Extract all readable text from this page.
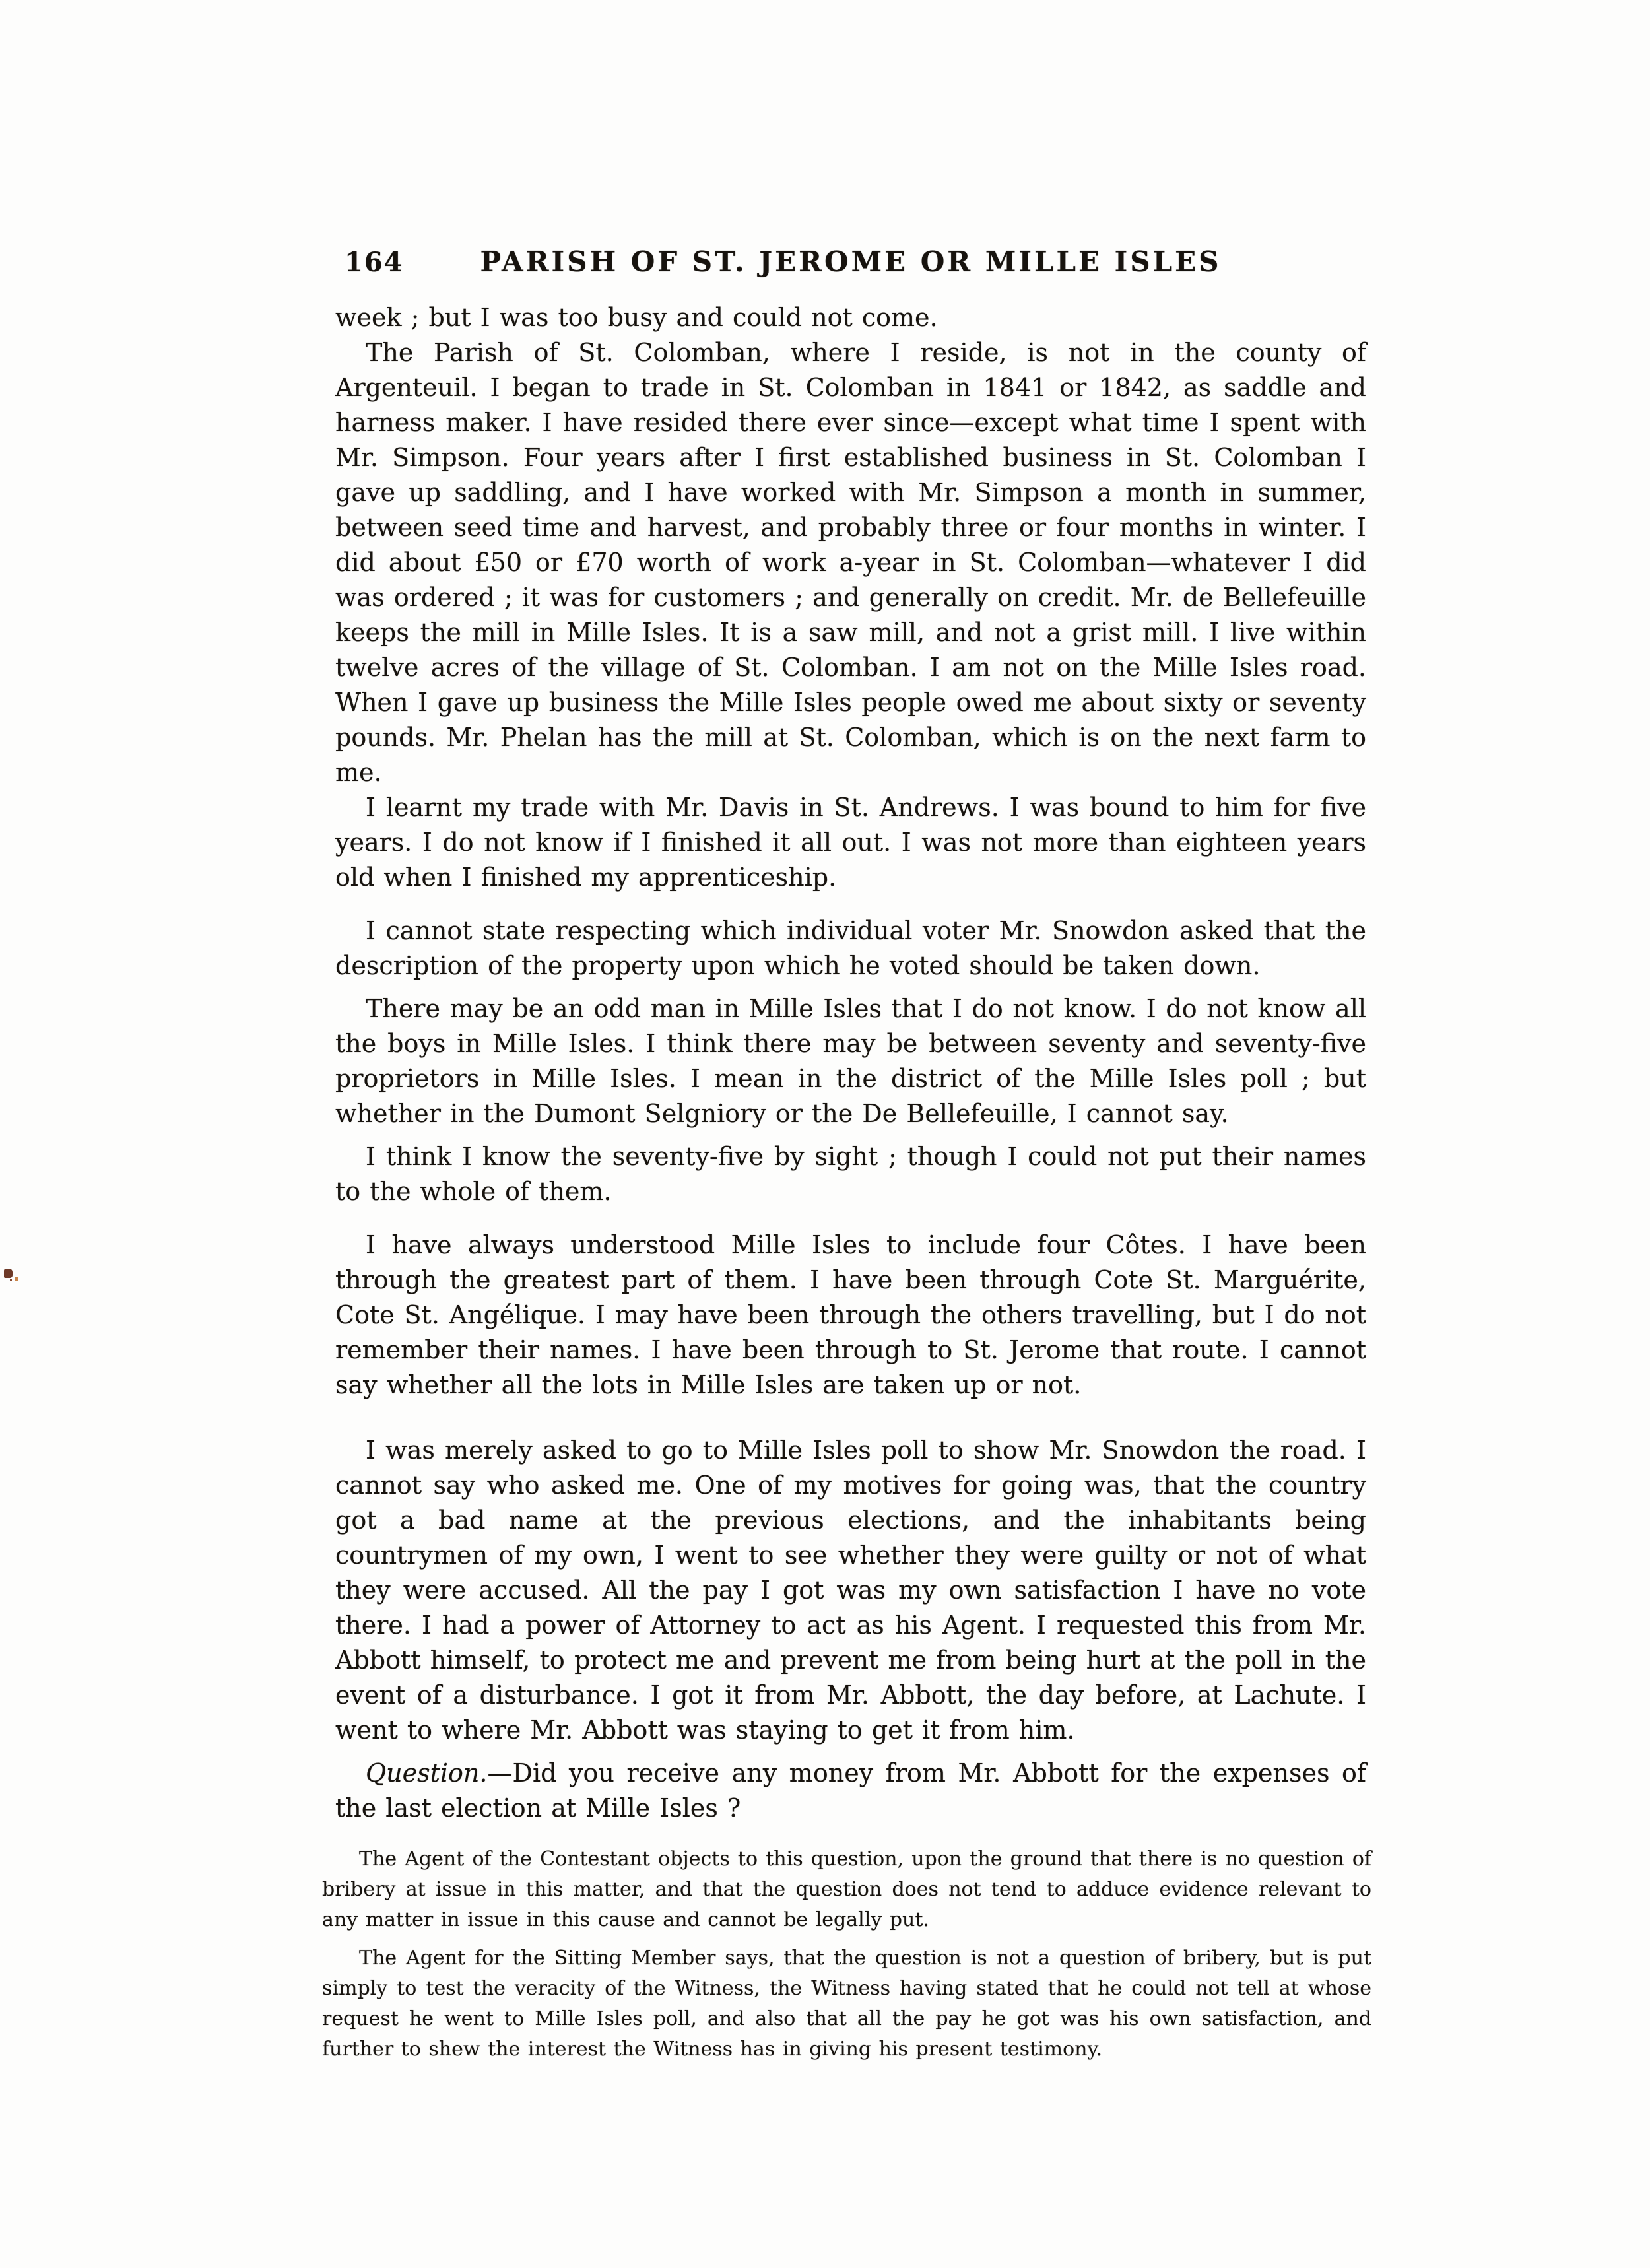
164	PARISH OF ST. JEROME OR MILLE ISLES

week ; but I was too busy and could not come.

The Parish of St. Colomban, where I reside, is not in the county of Argenteuil. I began to trade in St. Colomban in 1841 or 1842, as saddle and harness maker. I have resided there ever since—except what time I spent with Mr. Simpson. Four years after I first established business in St. Colomban I gave up saddling, and I have worked with Mr. Simpson a month in summer, between seed time and harvest, and probably three or four months in winter. I did about £50 or £70 worth of work a-year in St. Colomban—whatever I did was ordered ; it was for customers ; and generally on credit. Mr. de Bellefeuille keeps the mill in Mille Isles. It is a saw mill, and not a grist mill. I live within twelve acres of the village of St. Colomban. I am not on the Mille Isles road. When I gave up business the Mille Isles people owed me about sixty or seventy pounds. Mr. Phelan has the mill at St. Colomban, which is on the next farm to me.

I learnt my trade with Mr. Davis in St. Andrews. I was bound to him for five years. I do not know if I finished it all out. I was not more than eighteen years old when I finished my apprenticeship.

I cannot state respecting which individual voter Mr. Snowdon asked that the description of the property upon which he voted should be taken down.

There may be an odd man in Mille Isles that I do not know. I do not know all the boys in Mille Isles. I think there may be between seventy and seventy-five proprietors in Mille Isles. I mean in the district of the Mille Isles poll ; but whether in the Dumont Selgniory or the De Bellefeuille, I cannot say.

I think I know the seventy-five by sight ; though I could not put their names to the whole of them.

I have always understood Mille Isles to include four Côtes. I have been through the greatest part of them. I have been through Cote St. Marguérite, Cote St. Angélique. I may have been through the others travelling, but I do not remember their names. I have been through to St. Jerome that route. I cannot say whether all the lots in Mille Isles are taken up or not.

I was merely asked to go to Mille Isles poll to show Mr. Snowdon the road. I cannot say who asked me. One of my motives for going was, that the country got a bad name at the previous elections, and the inhabitants being countrymen of my own, I went to see whether they were guilty or not of what they were accused. All the pay I got was my own satisfaction I have no vote there. I had a power of Attorney to act as his Agent. I requested this from Mr. Abbott himself, to protect me and prevent me from being hurt at the poll in the event of a disturbance. I got it from Mr. Abbott, the day before, at Lachute. I went to where Mr. Abbott was staying to get it from him.

Question.—Did you receive any money from Mr. Abbott for the expenses of the last election at Mille Isles ?

The Agent of the Contestant objects to this question, upon the ground that there is no question of bribery at issue in this matter, and that the question does not tend to adduce evidence relevant to any matter in issue in this cause and cannot be legally put.

The Agent for the Sitting Member says, that the question is not a question of bribery, but is put simply to test the veracity of the Witness, the Witness having stated that he could not tell at whose request he went to Mille Isles poll, and also that all the pay he got was his own satisfaction, and further to shew the interest the Witness has in giving his present testimony.
